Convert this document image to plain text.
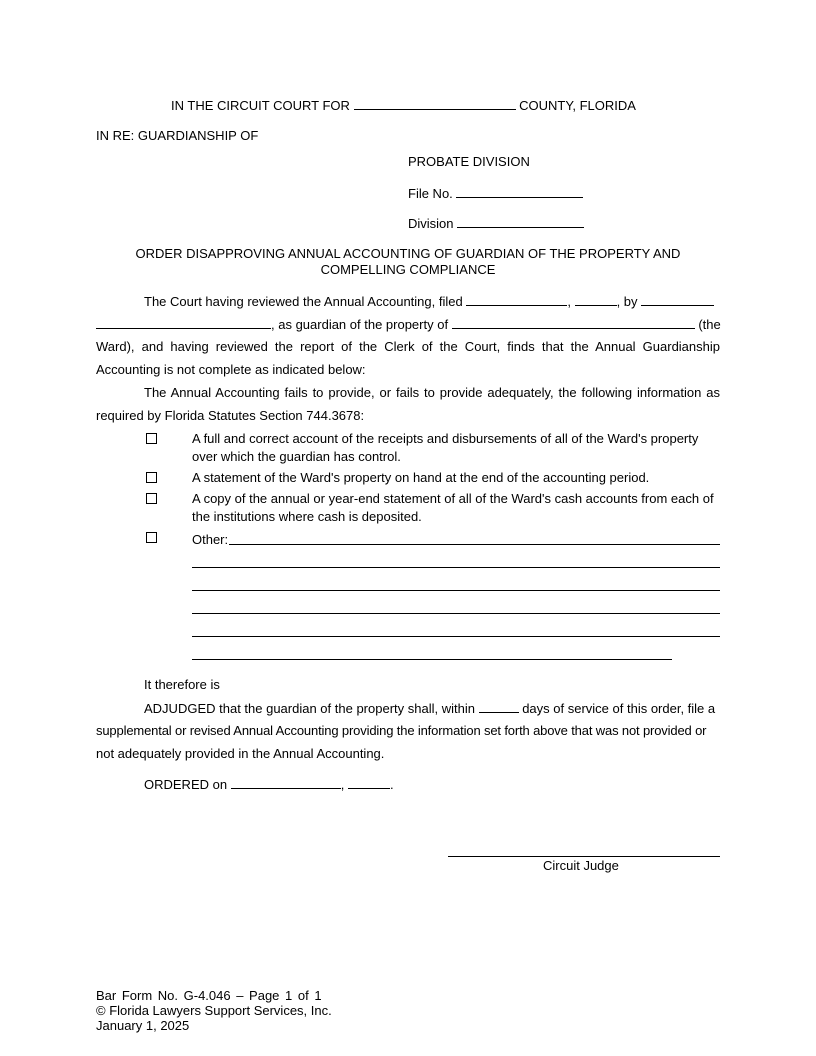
IN THE CIRCUIT COURT FOR	COUNTY, FLORIDA
IN RE: GUARDIANSHIP OF
PROBATE DIVISION
File No.
Division
ORDER DISAPPROVING ANNUAL ACCOUNTING OF GUARDIAN OF THE PROPERTY AND
COMPELLING COMPLIANCE
The Court having reviewed the Annual Accounting, filed	,	, by
, as guardian of the property of	(the
Ward), and having reviewed the report of the Clerk of the Court, finds that the Annual Guardianship
Accounting is not complete as indicated below:
The Annual Accounting fails to provide, or fails to provide adequately, the following information as
required by Florida Statutes Section 744.3678:
A full and correct account of the receipts and disbursements of all of the Ward's property over which the guardian has control.
A statement of the Ward's property on hand at the end of the accounting period.
A copy of the annual or year-end statement of all of the Ward's cash accounts from each of the institutions where cash is deposited.
Other:
It therefore is
ADJUDGED that the guardian of the property shall, within	days of service of this order, file a
supplemental or revised Annual Accounting providing the information set forth above that was not provided or
not adequately provided in the Annual Accounting.
ORDERED on	,	.
Circuit Judge
Bar Form No. G-4.046 – Page 1 of 1
© Florida Lawyers Support Services, Inc.
January 1, 2025
